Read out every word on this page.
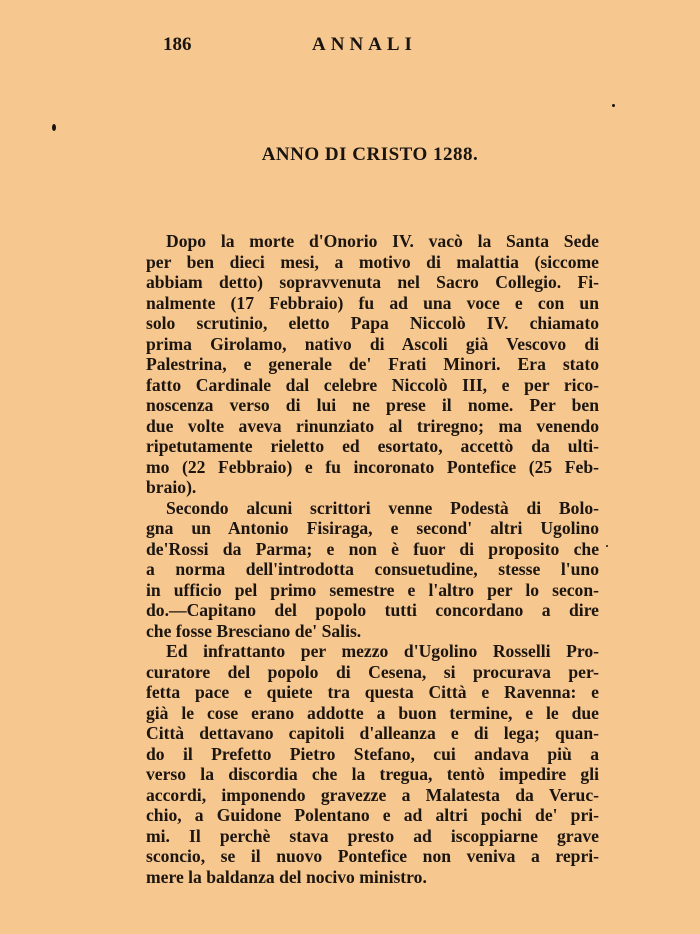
186	ANNALI
ANNO DI CRISTO 1288.
Dopo la morte d'Onorio IV. vacò la Santa Sede
per ben dieci mesi, a motivo di malattia (siccome
abbiam detto) sopravvenuta nel Sacro Collegio. Fi-
nalmente (17 Febbraio) fu ad una voce e con un
solo scrutinio, eletto Papa Niccolò IV. chiamato
prima Girolamo, nativo di Ascoli già Vescovo di
Palestrina, e generale de' Frati Minori. Era stato
fatto Cardinale dal celebre Niccolò III, e per rico-
noscenza verso di lui ne prese il nome. Per ben
due volte aveva rinunziato al triregno; ma venendo
ripetutamente rieletto ed esortato, accettò da ulti-
mo (22 Febbraio) e fu incoronato Pontefice (25 Feb-
braio).
Secondo alcuni scrittori venne Podestà di Bolo-
gna un Antonio Fisiraga, e second' altri Ugolino
de'Rossi da Parma; e non è fuor di proposito che
a norma dell'introdotta consuetudine, stesse l'uno
in ufficio pel primo semestre e l'altro per lo secon-
do.—Capitano del popolo tutti concordano a dire
che fosse Bresciano de' Salis.
Ed infrattanto per mezzo d'Ugolino Rosselli Pro-
curatore del popolo di Cesena, si procurava per-
fetta pace e quiete tra questa Città e Ravenna: e
già le cose erano addotte a buon termine, e le due
Città dettavano capitoli d'alleanza e di lega; quan-
do il Prefetto Pietro Stefano, cui andava più a
verso la discordia che la tregua, tentò impedire gli
accordi, imponendo gravezze a Malatesta da Veruc-
chio, a Guidone Polentano e ad altri pochi de' pri-
mi. Il perchè stava presto ad iscoppiarne grave
sconcio, se il nuovo Pontefice non veniva a repri-
mere la baldanza del nocivo ministro.
